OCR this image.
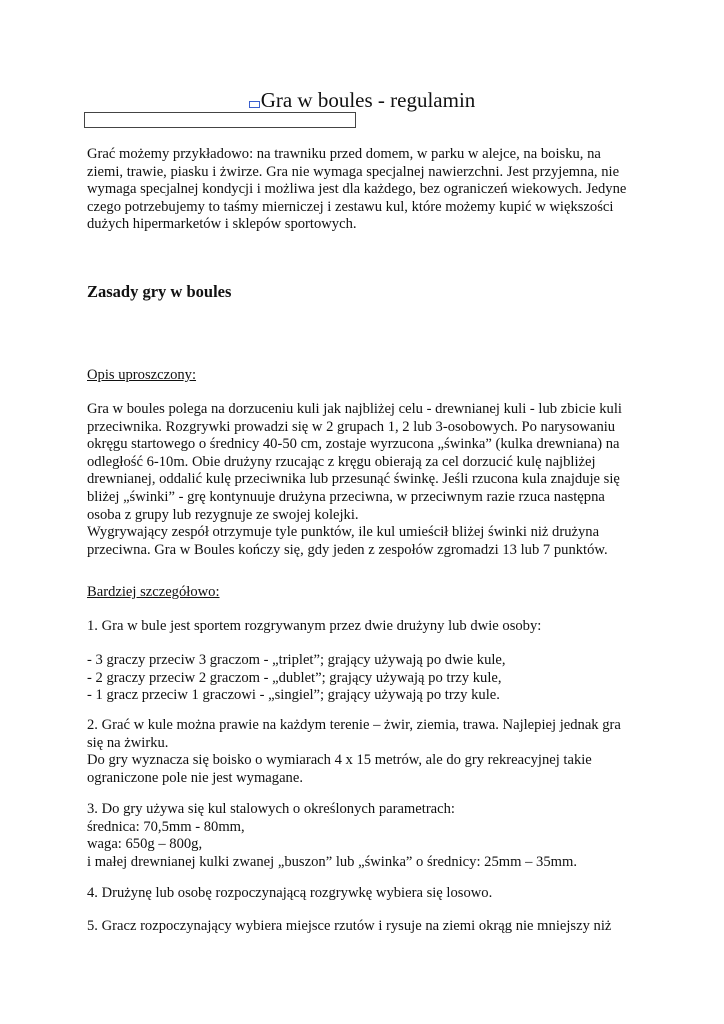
Gra w boules - regulamin
Grać możemy przykładowo: na trawniku przed domem, w parku w alejce, na boisku, na
ziemi, trawie, piasku i żwirze. Gra nie wymaga specjalnej nawierzchni. Jest przyjemna, nie
wymaga specjalnej kondycji i możliwa jest dla każdego, bez ograniczeń wiekowych. Jedyne
czego potrzebujemy to taśmy mierniczej i zestawu kul, które możemy kupić w większości
dużych hipermarketów i sklepów sportowych.
Zasady gry w boules
Opis uproszczony:
Gra w boules polega na dorzuceniu kuli jak najbliżej celu - drewnianej kuli - lub zbicie kuli
przeciwnika. Rozgrywki prowadzi się w 2 grupach 1, 2 lub 3-osobowych. Po narysowaniu
okręgu startowego o średnicy 40-50 cm, zostaje wyrzucona „świnka” (kulka drewniana) na
odległość 6-10m. Obie drużyny rzucając z kręgu obierają za cel dorzucić kulę najbliżej
drewnianej, oddalić kulę przeciwnika lub przesunąć świnkę. Jeśli rzucona kula znajduje się
bliżej „świnki” - grę kontynuuje drużyna przeciwna, w przeciwnym razie rzuca następna
osoba z grupy lub rezygnuje ze swojej kolejki.
Wygrywający zespół otrzymuje tyle punktów, ile kul umieścił bliżej świnki niż drużyna
przeciwna. Gra w Boules kończy się, gdy jeden z zespołów zgromadzi 13 lub 7 punktów.
Bardziej szczegółowo:
1. Gra w bule jest sportem rozgrywanym przez dwie drużyny lub dwie osoby:
- 3 graczy przeciw 3 graczom - „triplet”; grający używają po dwie kule,
- 2 graczy przeciw 2 graczom - „dublet”; grający używają po trzy kule,
- 1 gracz przeciw 1 graczowi - „singiel”; grający używają po trzy kule.
2. Grać w kule można prawie na każdym terenie – żwir, ziemia, trawa. Najlepiej jednak gra
się na żwirku.
Do gry wyznacza się boisko o wymiarach 4 x 15 metrów, ale do gry rekreacyjnej takie
ograniczone pole nie jest wymagane.
3. Do gry używa się kul stalowych o określonych parametrach:
średnica: 70,5mm - 80mm,
waga: 650g – 800g,
i małej drewnianej kulki zwanej „buszon” lub „świnka” o średnicy: 25mm – 35mm.
4. Drużynę lub osobę rozpoczynającą rozgrywkę wybiera się losowo.
5. Gracz rozpoczynający wybiera miejsce rzutów i rysuje na ziemi okrąg nie mniejszy niż
